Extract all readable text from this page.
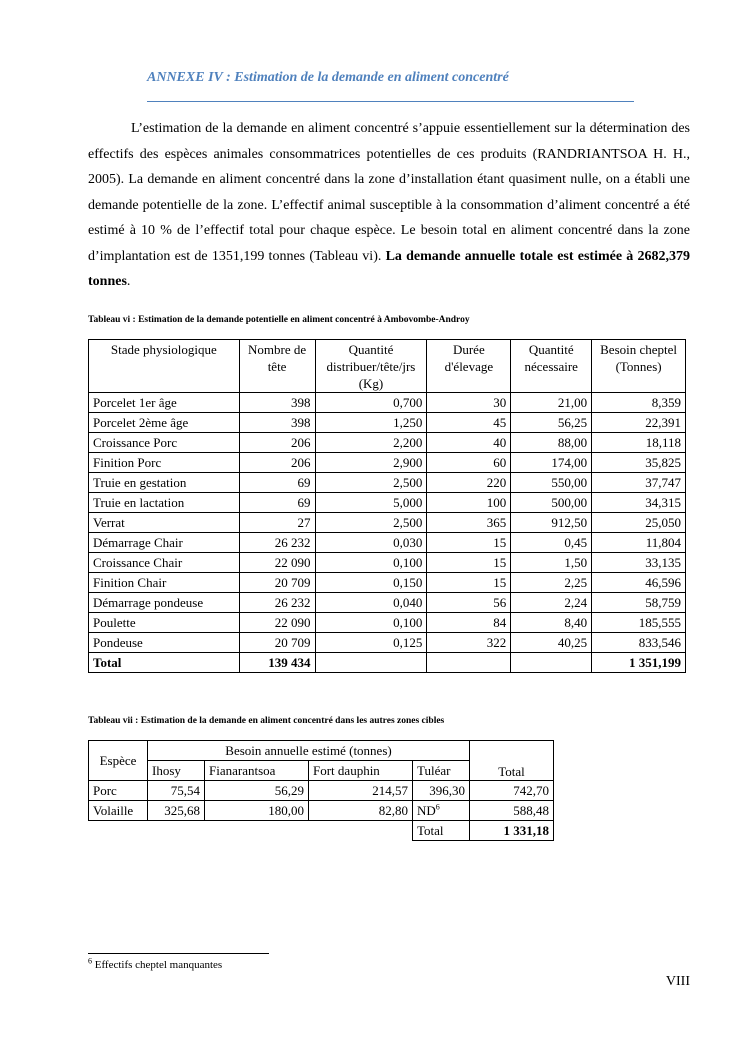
ANNEXE IV : Estimation de la demande en aliment concentré
L’estimation de la demande en aliment concentré s’appuie essentiellement sur la détermination des effectifs des espèces animales consommatrices potentielles de ces produits (RANDRIANTSOA H. H., 2005). La demande en aliment concentré dans la zone d’installation étant quasiment nulle, on a établi une demande potentielle de la zone. L’effectif animal susceptible à la consommation d’aliment concentré a été estimé à 10 % de l’effectif total pour chaque espèce. Le besoin total en aliment concentré dans la zone d’implantation est de 1351,199 tonnes (Tableau vi). La demande annuelle totale est estimée à 2682,379 tonnes.
Tableau vi : Estimation de la demande potentielle en aliment concentré à Ambovombe-Androy
Stade physiologique	Nombre de tête	Quantité distribuer/tête/jrs (Kg)	Durée d'élevage	Quantité nécessaire	Besoin cheptel (Tonnes)
Porcelet 1er âge	398	0,700	30	21,00	8,359
Porcelet 2ème âge	398	1,250	45	56,25	22,391
Croissance Porc	206	2,200	40	88,00	18,118
Finition Porc	206	2,900	60	174,00	35,825
Truie en gestation	69	2,500	220	550,00	37,747
Truie en lactation	69	5,000	100	500,00	34,315
Verrat	27	2,500	365	912,50	25,050
Démarrage Chair	26 232	0,030	15	0,45	11,804
Croissance Chair	22 090	0,100	15	1,50	33,135
Finition Chair	20 709	0,150	15	2,25	46,596
Démarrage pondeuse	26 232	0,040	56	2,24	58,759
Poulette	22 090	0,100	84	8,40	185,555
Pondeuse	20 709	0,125	322	40,25	833,546
Total	139 434				1 351,199
Tableau vii : Estimation de la demande en aliment concentré dans les autres zones cibles
Espèce	Besoin annuelle estimé (tonnes)				Total
	Ihosy	Fianarantsoa	Fort dauphin	Tuléar	
Porc	75,54	56,29	214,57	396,30	742,70
Volaille	325,68	180,00	82,80	$ND^6$	588,48
				Total	1 331,18
$^6$ Effectifs cheptel manquantes
VIII
